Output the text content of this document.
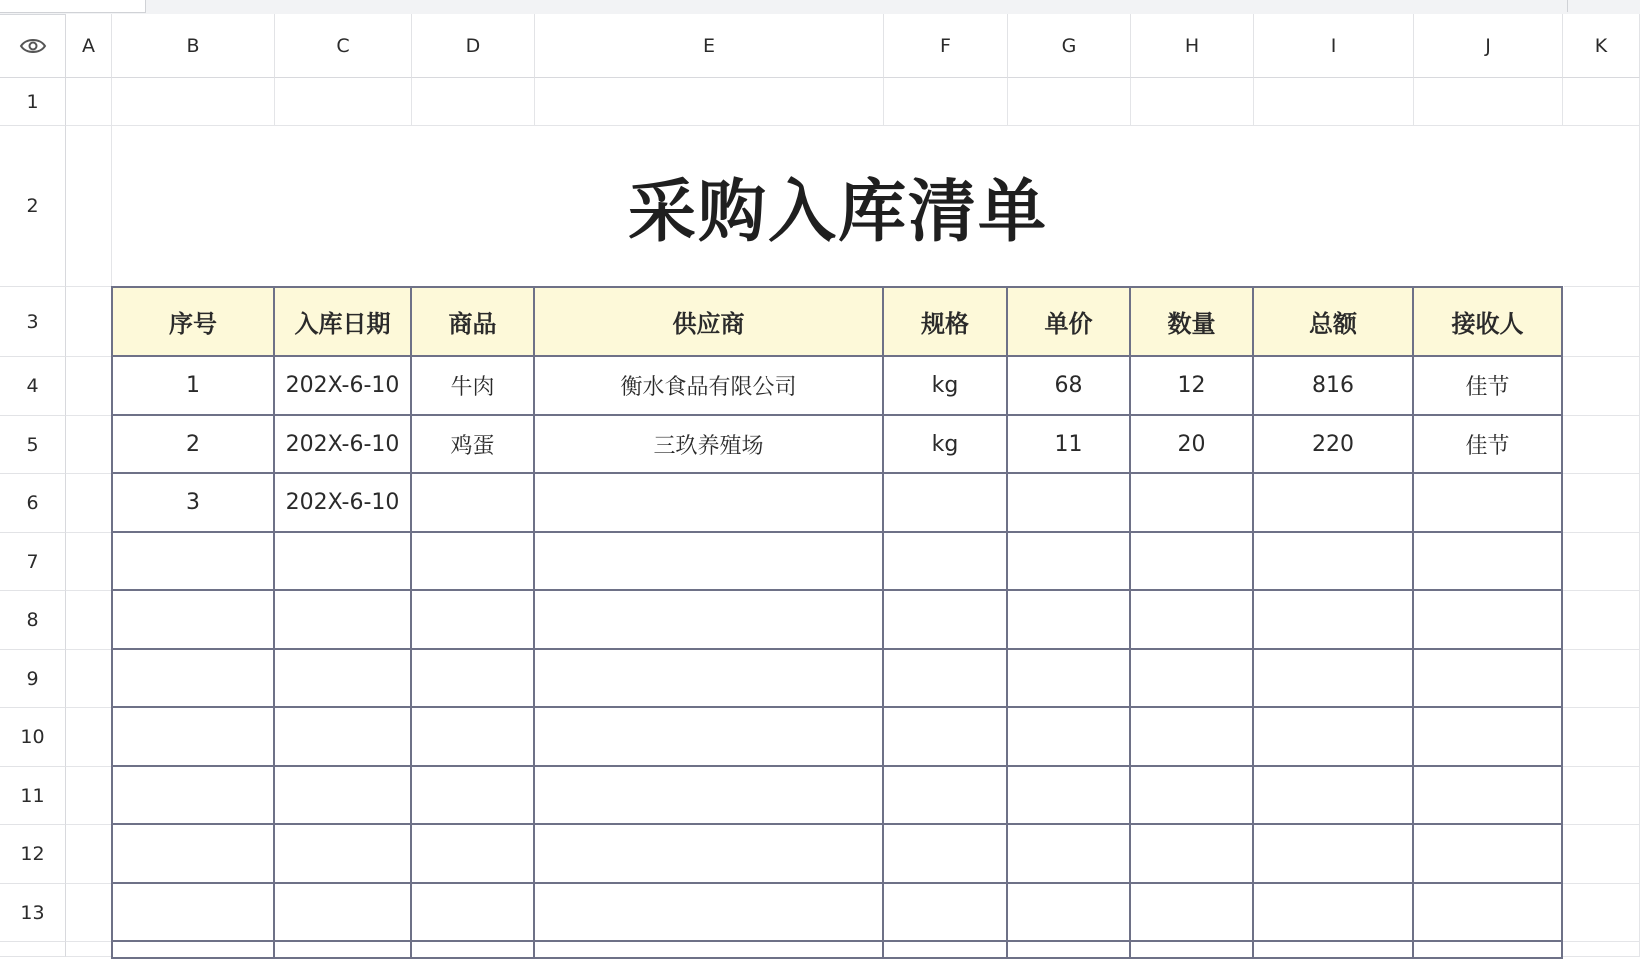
A	B	C	D	E	F	G	H	I	J	K
1
2
3
4
5
6
7
8
9
10
11
12
13
采购入库清单
序号	入库日期	商品	供应商	规格	单价	数量	总额	接收人
1	202X-6-10	牛肉	衡水食品有限公司	kg	68	12	816	佳节
2	202X-6-10	鸡蛋	三玖养殖场	kg	11	20	220	佳节
3	202X-6-10
